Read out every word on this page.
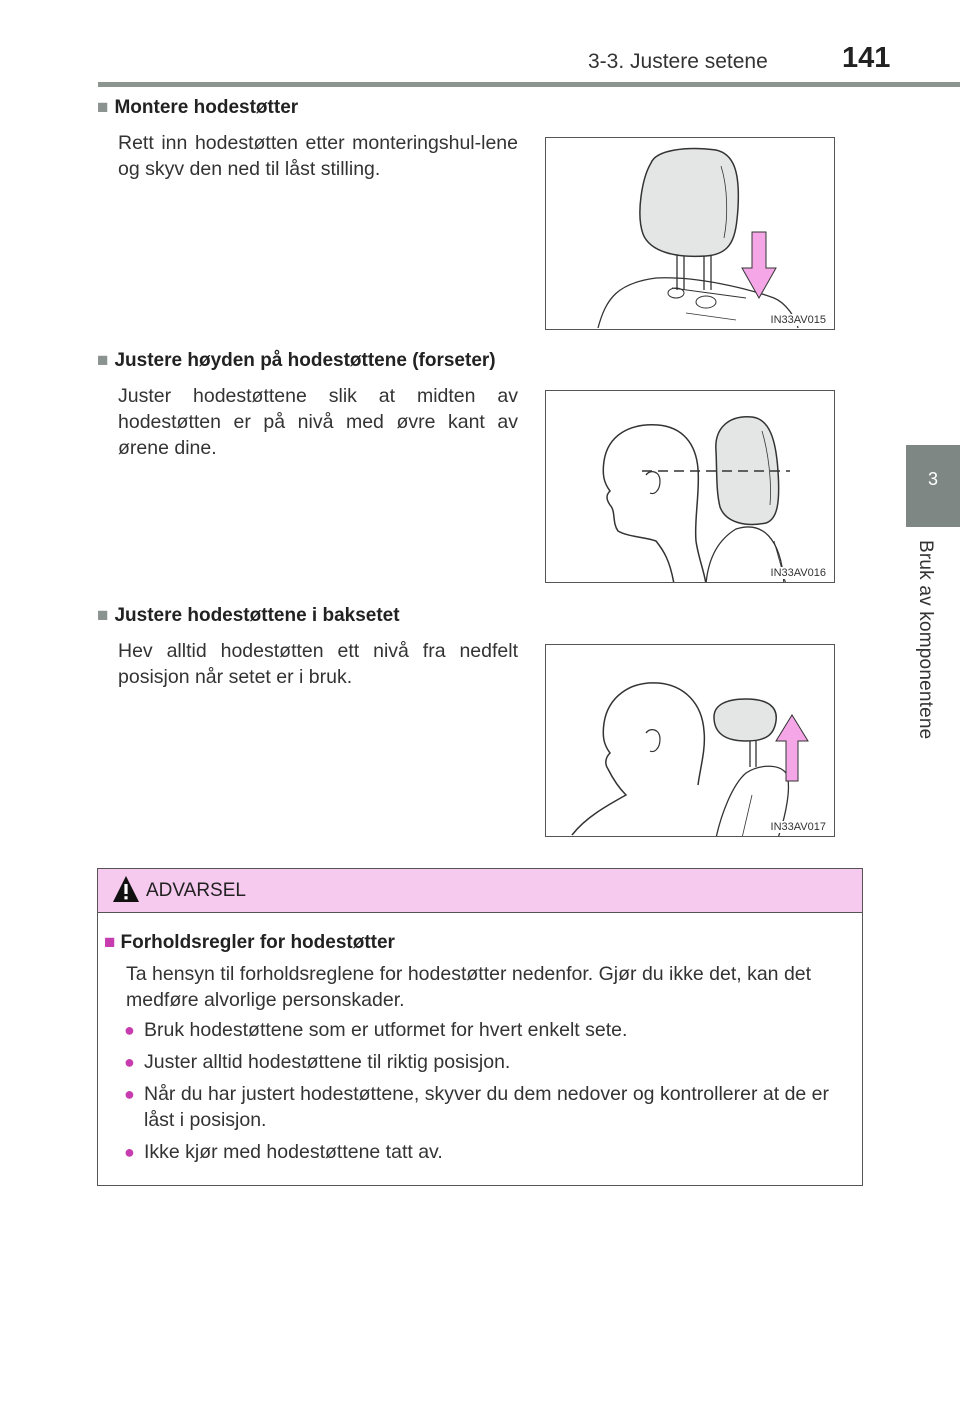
3-3. Justere setene	141
3
Bruk av komponentene
■ Montere hodestøtter
Rett inn hodestøtten etter monteringshul-lene og skyv den ned til låst stilling.
IN33AV015
■ Justere høyden på hodestøttene (forseter)
Juster hodestøttene slik at midten av hodestøtten er på nivå med øvre kant av ørene dine.
IN33AV016
■ Justere hodestøttene i baksetet
Hev alltid hodestøtten ett nivå fra nedfelt posisjon når setet er i bruk.
IN33AV017
ADVARSEL
■ Forholdsregler for hodestøtter
Ta hensyn til forholdsreglene for hodestøtter nedenfor. Gjør du ikke det, kan det medføre alvorlige personskader.
● Bruk hodestøttene som er utformet for hvert enkelt sete.
● Juster alltid hodestøttene til riktig posisjon.
● Når du har justert hodestøttene, skyver du dem nedover og kontrollerer at de er låst i posisjon.
● Ikke kjør med hodestøttene tatt av.
